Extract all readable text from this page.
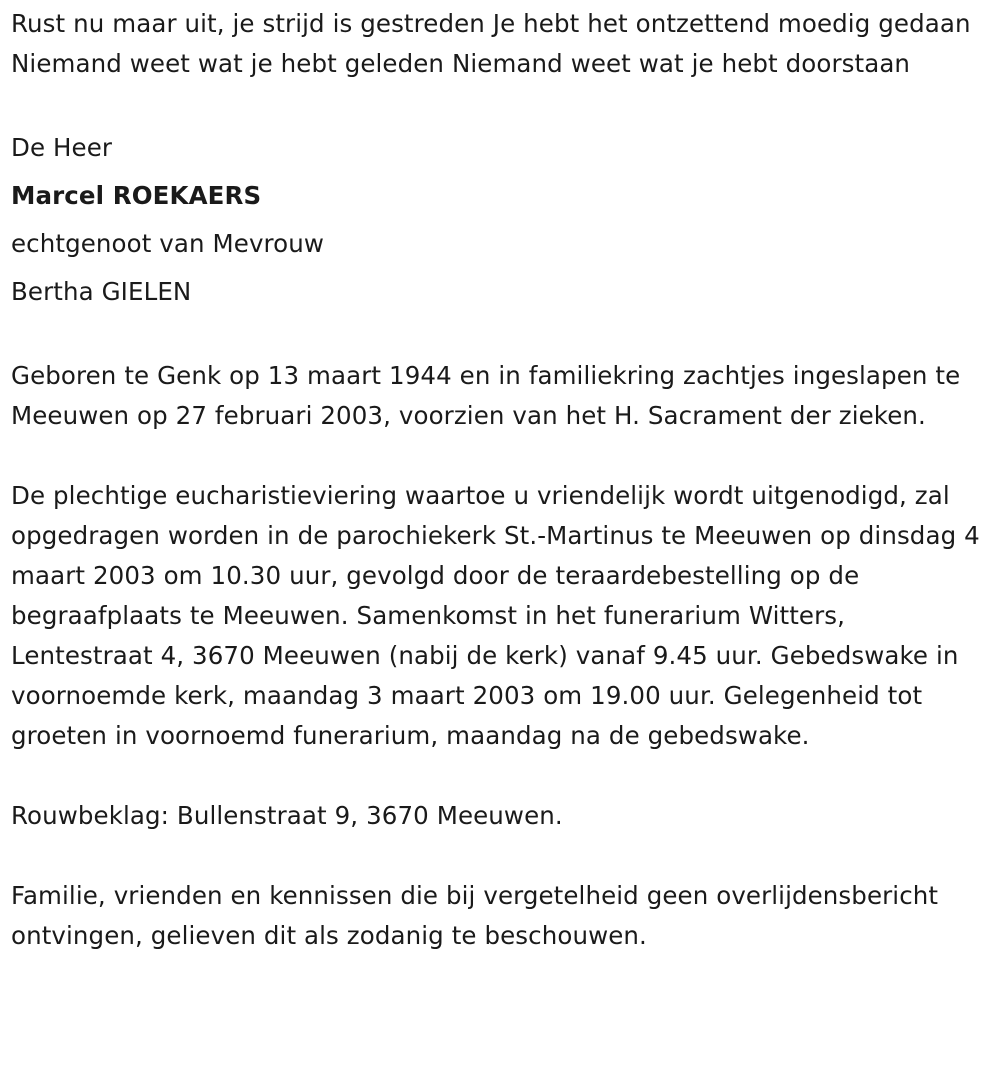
Rust nu maar uit, je strijd is gestreden Je hebt het ontzettend moedig gedaan Niemand weet wat je hebt geleden Niemand weet wat je hebt doorstaan

De Heer

Marcel ROEKAERS

echtgenoot van Mevrouw

Bertha GIELEN

Geboren te Genk op 13 maart 1944 en in familiekring zachtjes ingeslapen te Meeuwen op 27 februari 2003, voorzien van het H. Sacrament der zieken.

De plechtige eucharistieviering waartoe u vriendelijk wordt uitgenodigd, zal opgedragen worden in de parochiekerk St.-Martinus te Meeuwen op dinsdag 4 maart 2003 om 10.30 uur, gevolgd door de teraardebestelling op de begraafplaats te Meeuwen. Samenkomst in het funerarium Witters, Lentestraat 4, 3670 Meeuwen (nabij de kerk) vanaf 9.45 uur. Gebedswake in voornoemde kerk, maandag 3 maart 2003 om 19.00 uur. Gelegenheid tot groeten in voornoemd funerarium, maandag na de gebedswake.

Rouwbeklag: Bullenstraat 9, 3670 Meeuwen.

Familie, vrienden en kennissen die bij vergetelheid geen overlijdensbericht ontvingen, gelieven dit als zodanig te beschouwen.
